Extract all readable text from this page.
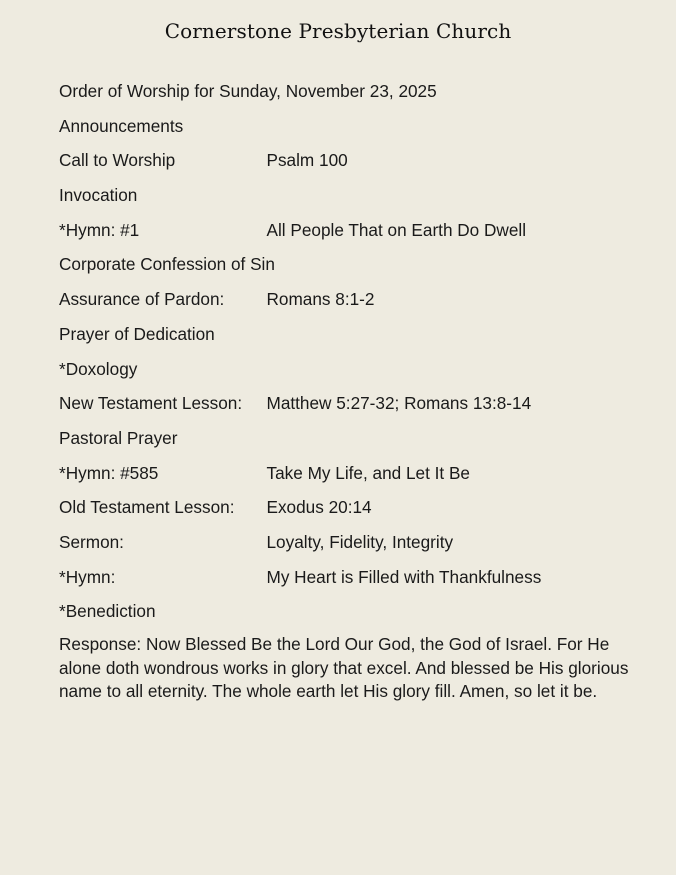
Cornerstone Presbyterian Church
Order of Worship for Sunday, November 23, 2025
Announcements
Call to Worship	Psalm 100
Invocation
*Hymn: #1	All People That on Earth Do Dwell
Corporate Confession of Sin
Assurance of Pardon:	Romans 8:1-2
Prayer of Dedication
*Doxology
New Testament Lesson:	Matthew 5:27-32; Romans 13:8-14
Pastoral Prayer
*Hymn: #585	Take My Life, and Let It Be
Old Testament Lesson:	Exodus 20:14
Sermon:	Loyalty, Fidelity, Integrity
*Hymn:	My Heart is Filled with Thankfulness
*Benediction
Response: Now Blessed Be the Lord Our God, the God of Israel. For He alone doth wondrous works in glory that excel. And blessed be His glorious name to all eternity. The whole earth let His glory fill. Amen, so let it be.
